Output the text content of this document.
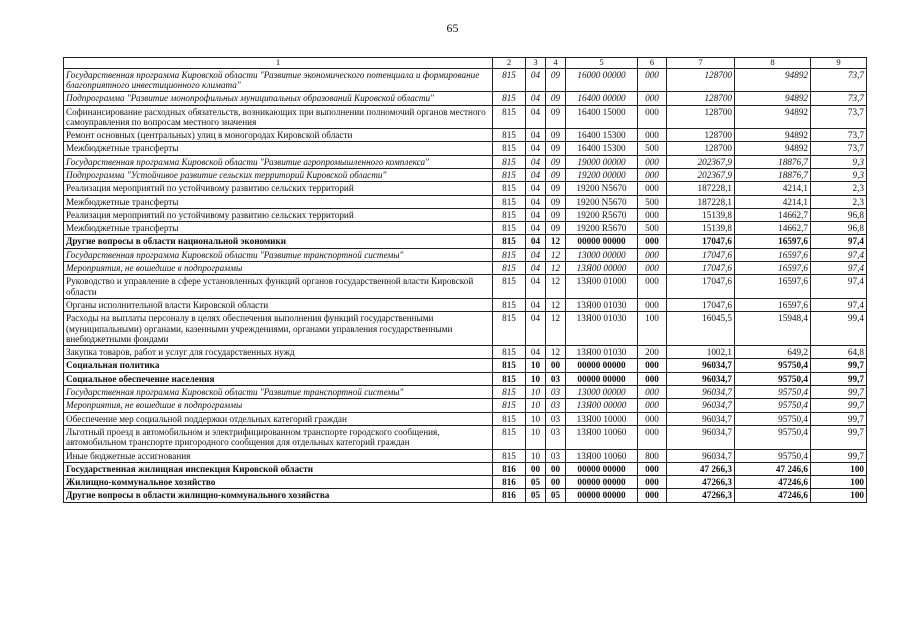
65
1	2	3	4	5	6	7	8	9
Государственная программа Кировской области "Развитие экономического потенциала и формирование благоприятного инвестиционного климата"	815	04	09	16000 00000	000	128700	94892	73,7
Подпрограмма "Развитие монопрофильных муниципальных образований Кировской области"	815	04	09	16400 00000	000	128700	94892	73,7
Софинансирование расходных обязательств, возникающих при выполнении полномочий органов местного самоуправления по вопросам местного значения	815	04	09	16400 15000	000	128700	94892	73,7
Ремонт основных (центральных) улиц в моногородах Кировской области	815	04	09	16400 15300	000	128700	94892	73,7
Межбюджетные трансферты	815	04	09	16400 15300	500	128700	94892	73,7
Государственная программа Кировской области "Развитие агропромышленного комплекса"	815	04	09	19000 00000	000	202367,9	18876,7	9,3
Подпрограмма "Устойчивое развитие сельских территорий Кировской области"	815	04	09	19200 00000	000	202367,9	18876,7	9,3
Реализация мероприятий по устойчивому развитию сельских территорий	815	04	09	19200 N5670	000	187228,1	4214,1	2,3
Межбюджетные трансферты	815	04	09	19200 N5670	500	187228,1	4214,1	2,3
Реализация мероприятий по устойчивому развитию сельских территорий	815	04	09	19200 R5670	000	15139,8	14662,7	96,8
Межбюджетные трансферты	815	04	09	19200 R5670	500	15139,8	14662,7	96,8
Другие вопросы в области национальной экономики	815	04	12	00000 00000	000	17047,6	16597,6	97,4
Государственная программа Кировской области "Развитие транспортной системы"	815	04	12	13000 00000	000	17047,6	16597,6	97,4
Мероприятия, не вошедшие в подпрограммы	815	04	12	13Я00 00000	000	17047,6	16597,6	97,4
Руководство и управление в сфере установленных функций органов государственной власти Кировской области	815	04	12	13Я00 01000	000	17047,6	16597,6	97,4
Органы исполнительной власти Кировской области	815	04	12	13Я00 01030	000	17047,6	16597,6	97,4
Расходы на выплаты персоналу в целях обеспечения выполнения функций государственными (муниципальными) органами, казенными учреждениями, органами управления государственными внебюджетными фондами	815	04	12	13Я00 01030	100	16045,5	15948,4	99,4
Закупка товаров, работ и услуг для государственных нужд	815	04	12	13Я00 01030	200	1002,1	649,2	64,8
Социальная политика	815	10	00	00000 00000	000	96034,7	95750,4	99,7
Социальное обеспечение населения	815	10	03	00000 00000	000	96034,7	95750,4	99,7
Государственная программа Кировской области "Развитие транспортной системы"	815	10	03	13000 00000	000	96034,7	95750,4	99,7
Мероприятия, не вошедшие в подпрограммы	815	10	03	13Я00 00000	000	96034,7	95750,4	99,7
Обеспечение мер социальной поддержки отдельных категорий граждан	815	10	03	13Я00 10000	000	96034,7	95750,4	99,7
Льготный проезд в автомобильном и электрифицированном транспорте городского сообщения, автомобильном транспорте пригородного сообщения для отдельных категорий граждан	815	10	03	13Я00 10060	000	96034,7	95750,4	99,7
Иные бюджетные ассигнования	815	10	03	13Я00 10060	800	96034,7	95750,4	99,7
Государственная жилищная инспекция Кировской области	816	00	00	00000 00000	000	47 266,3	47 246,6	100
Жилищно-коммунальное хозяйство	816	05	00	00000 00000	000	47266,3	47246,6	100
Другие вопросы в области жилищно-коммунального хозяйства	816	05	05	00000 00000	000	47266,3	47246,6	100
